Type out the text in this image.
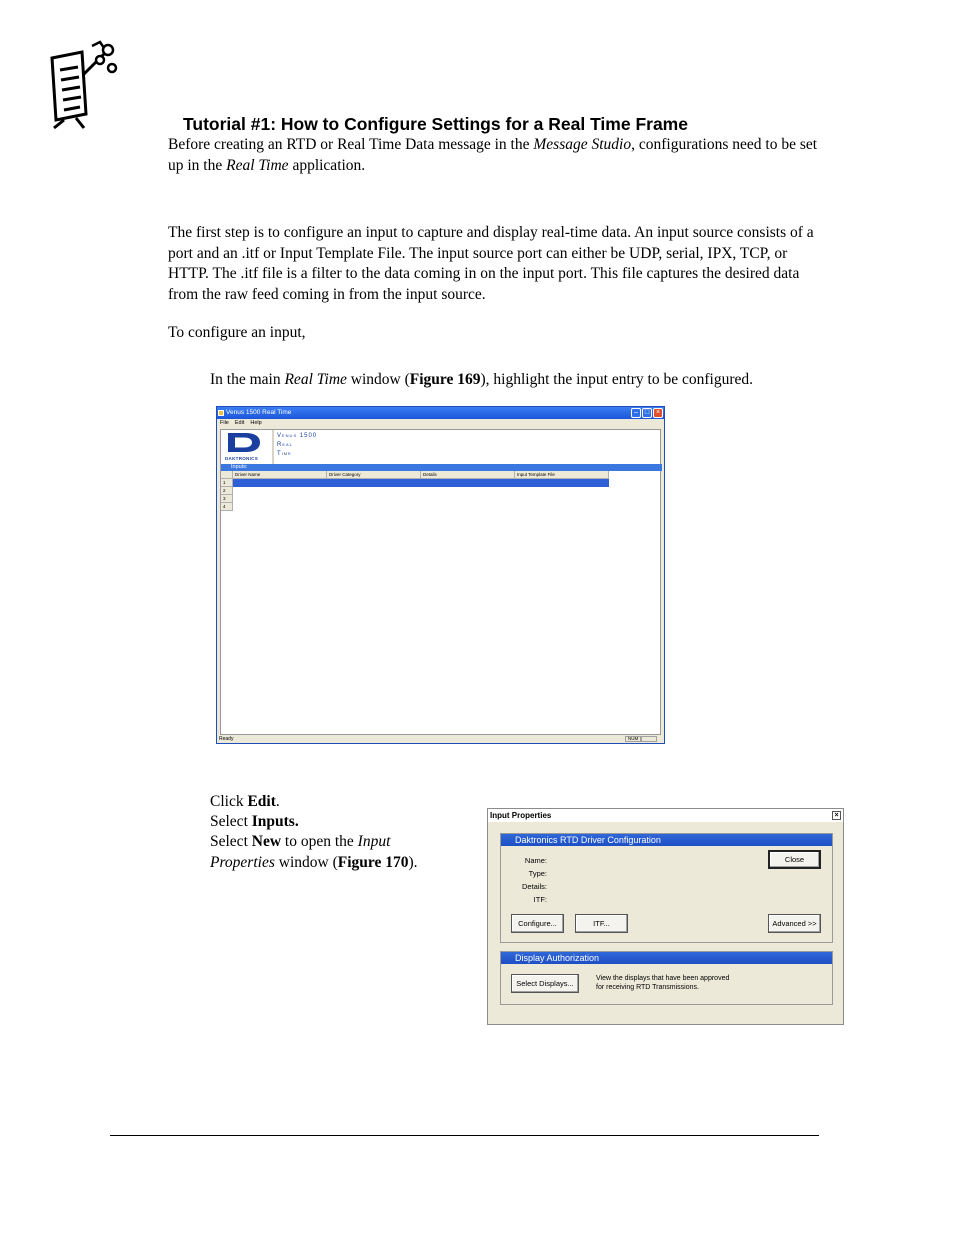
Tutorial #1: How to Configure Settings for a Real Time Frame

Before creating an RTD or Real Time Data message in the Message Studio, configurations need to be set up in the Real Time application.

The first step is to configure an input to capture and display real-time data. An input source consists of a port and an .itf or Input Template File. The input source port can either be UDP, serial, IPX, TCP, or HTTP. The .itf file is a filter to the data coming in on the input port. This file captures the desired data from the raw feed coming in from the input source.

To configure an input,

In the main Real Time window (Figure 169), highlight the input entry to be configured.

Venus 1500 Real Time	– □ ×
File Edit Help
DAKTRONICS
Venus 1500
Real
Time
Inputs:
Driver Name	Driver Category	Details	Input Template File
1
2
3
4
Ready	NUM

Click Edit.

Select Inputs.

Select New to open the Input
Properties window (Figure 170).

Input Properties	×
Daktronics RTD Driver Configuration
Name:
Type:
Details:
ITF:
Close
Configure...	ITF...	Advanced >>
Display Authorization
Select Displays...
View the displays that have been approved
for receiving RTD Transmissions.
